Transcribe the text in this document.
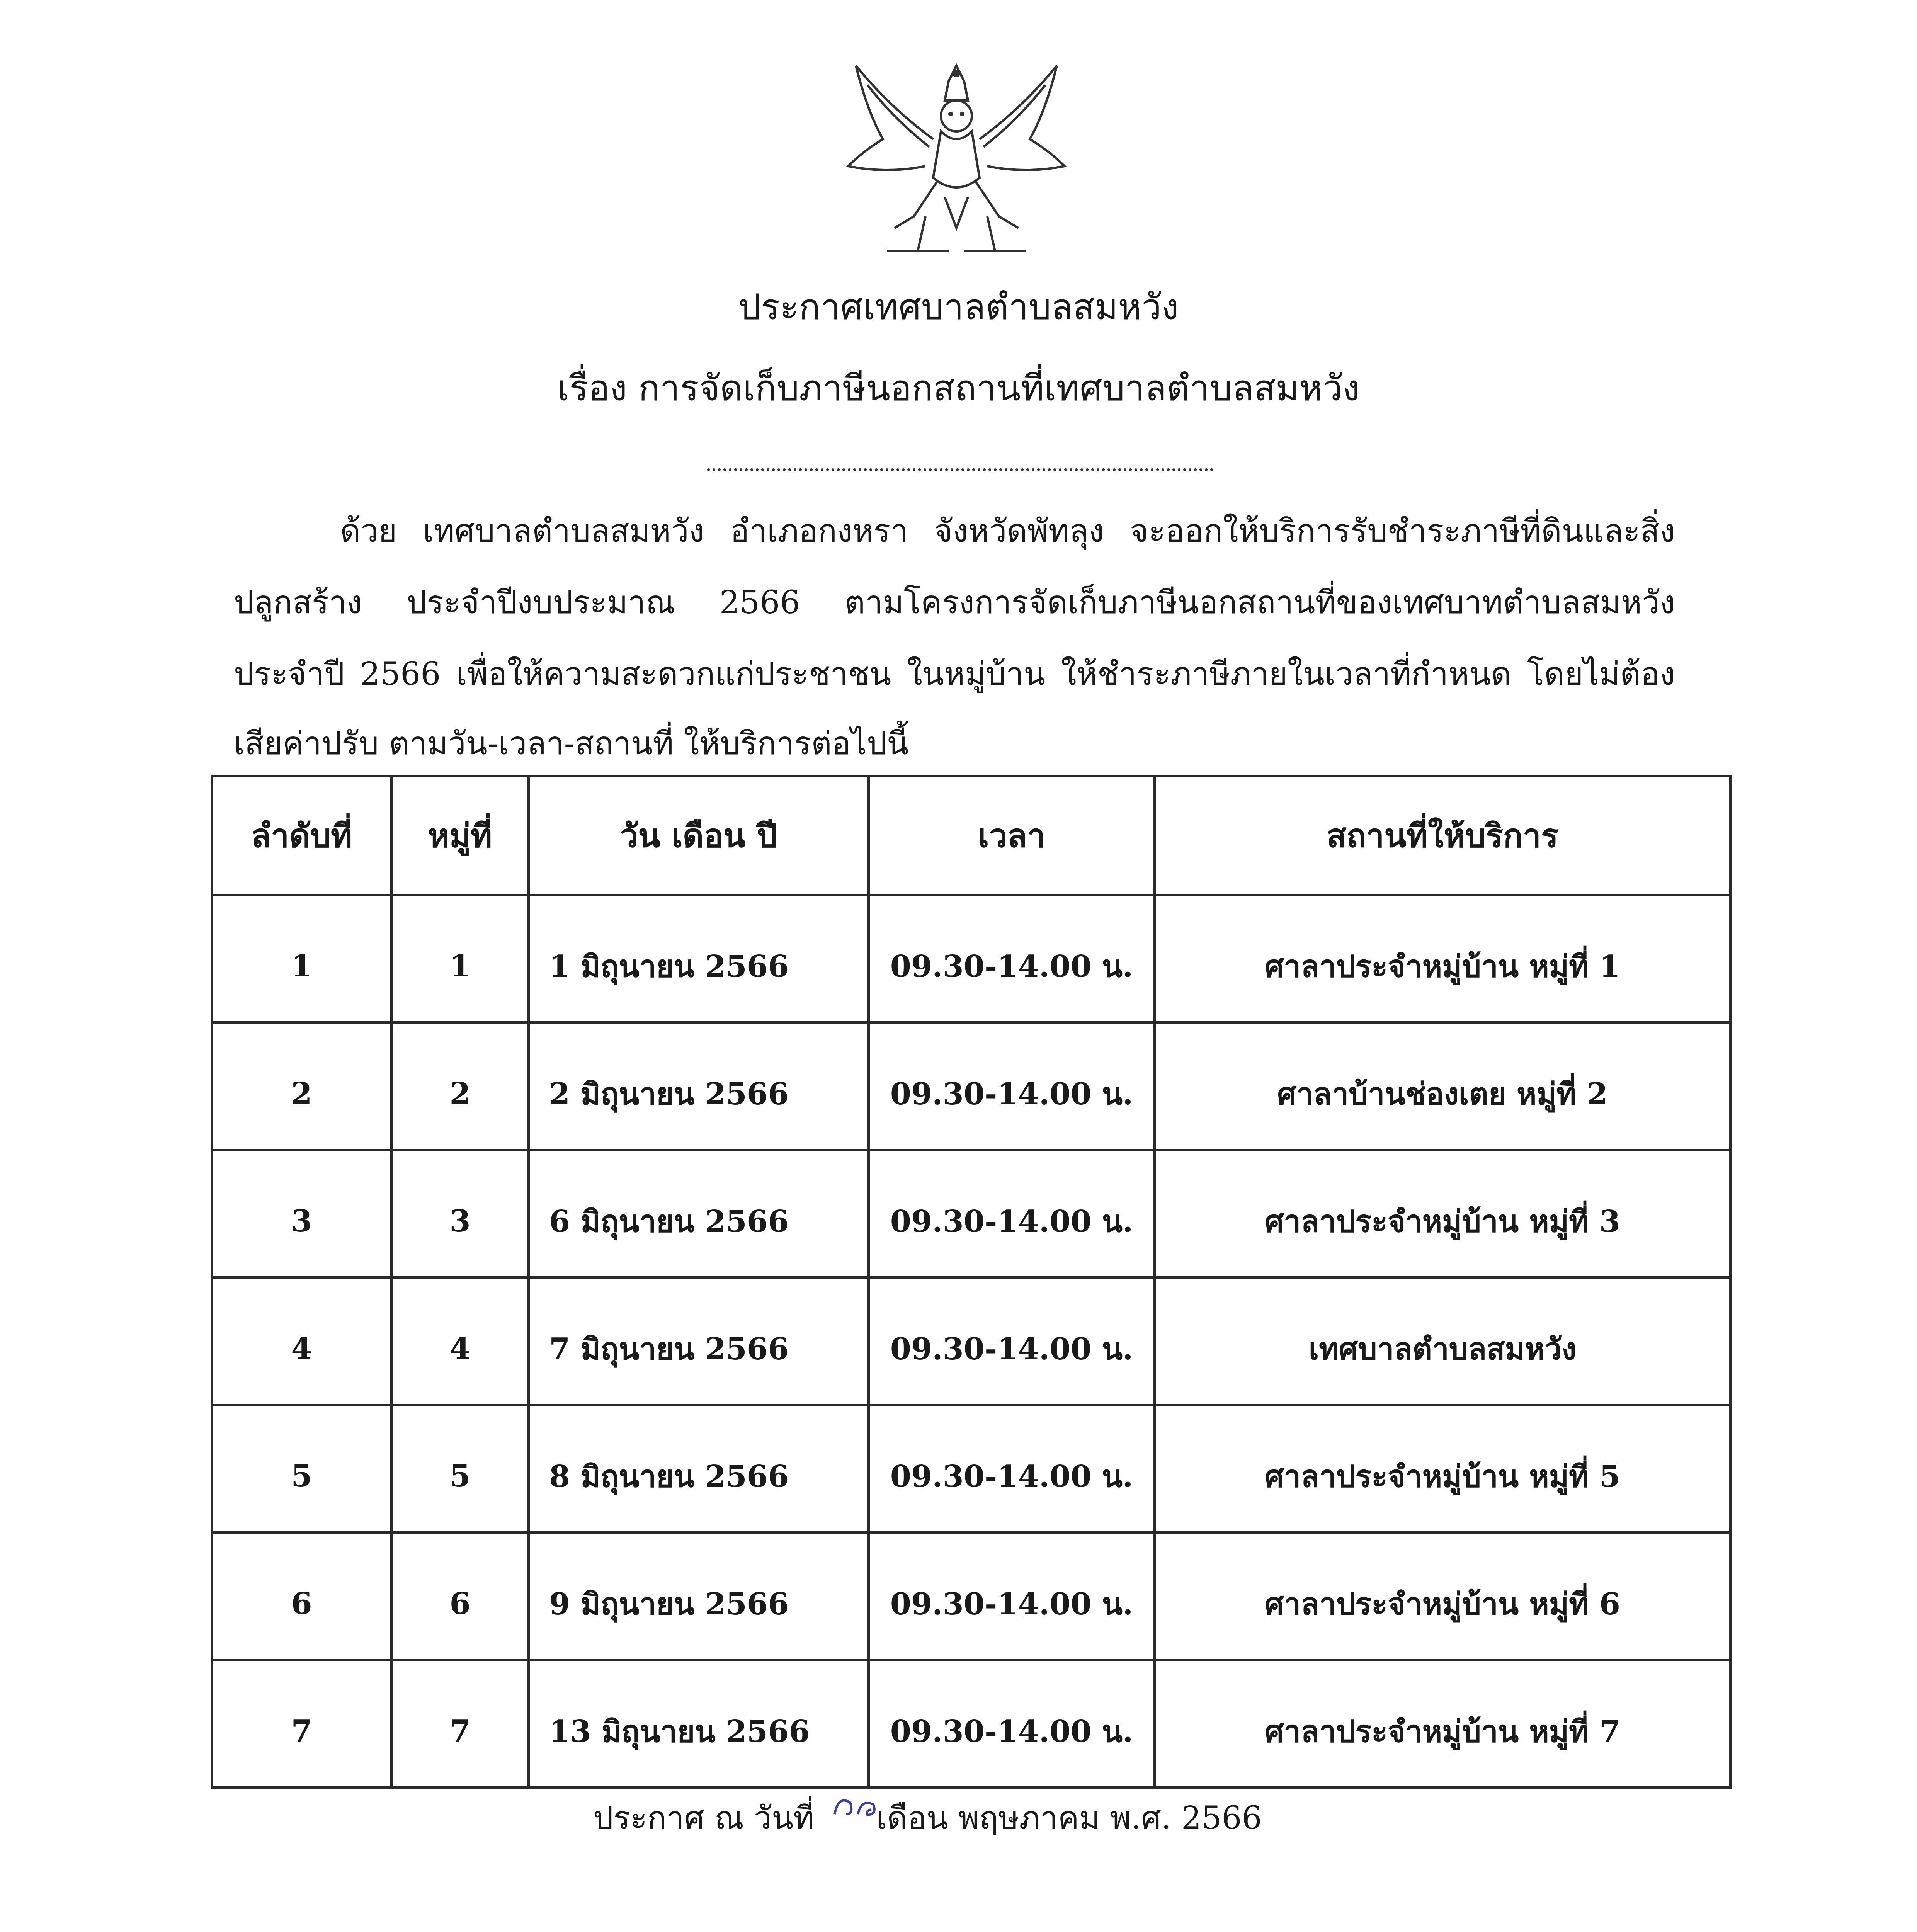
ประกาศเทศบาลตำบลสมหวัง
เรื่อง การจัดเก็บภาษีนอกสถานที่เทศบาลตำบลสมหวัง
ด้วย เทศบาลตำบลสมหวัง อำเภอกงหรา จังหวัดพัทลุง จะออกให้บริการรับชำระภาษีที่ดินและสิ่ง
ปลูกสร้าง ประจำปีงบประมาณ 2566 ตามโครงการจัดเก็บภาษีนอกสถานที่ของเทศบาทตำบลสมหวัง
ประจำปี 2566 เพื่อให้ความสะดวกแก่ประชาชน ในหมู่บ้าน ให้ชำระภาษีภายในเวลาที่กำหนด โดยไม่ต้อง
เสียค่าปรับ ตามวัน-เวลา-สถานที่ ให้บริการต่อไปนี้
ลำดับที่	หมู่ที่	วัน เดือน ปี	เวลา	สถานที่ให้บริการ
1	1	1 มิถุนายน 2566	09.30-14.00 น.	ศาลาประจำหมู่บ้าน หมู่ที่ 1
2	2	2 มิถุนายน 2566	09.30-14.00 น.	ศาลาบ้านช่องเตย หมู่ที่ 2
3	3	6 มิถุนายน 2566	09.30-14.00 น.	ศาลาประจำหมู่บ้าน หมู่ที่ 3
4	4	7 มิถุนายน 2566	09.30-14.00 น.	เทศบาลตำบลสมหวัง
5	5	8 มิถุนายน 2566	09.30-14.00 น.	ศาลาประจำหมู่บ้าน หมู่ที่ 5
6	6	9 มิถุนายน 2566	09.30-14.00 น.	ศาลาประจำหมู่บ้าน หมู่ที่ 6
7	7	13 มิถุนายน 2566	09.30-14.00 น.	ศาลาประจำหมู่บ้าน หมู่ที่ 7
ประกาศ ณ วันที่ เดือน พฤษภาคม พ.ศ. 2566
